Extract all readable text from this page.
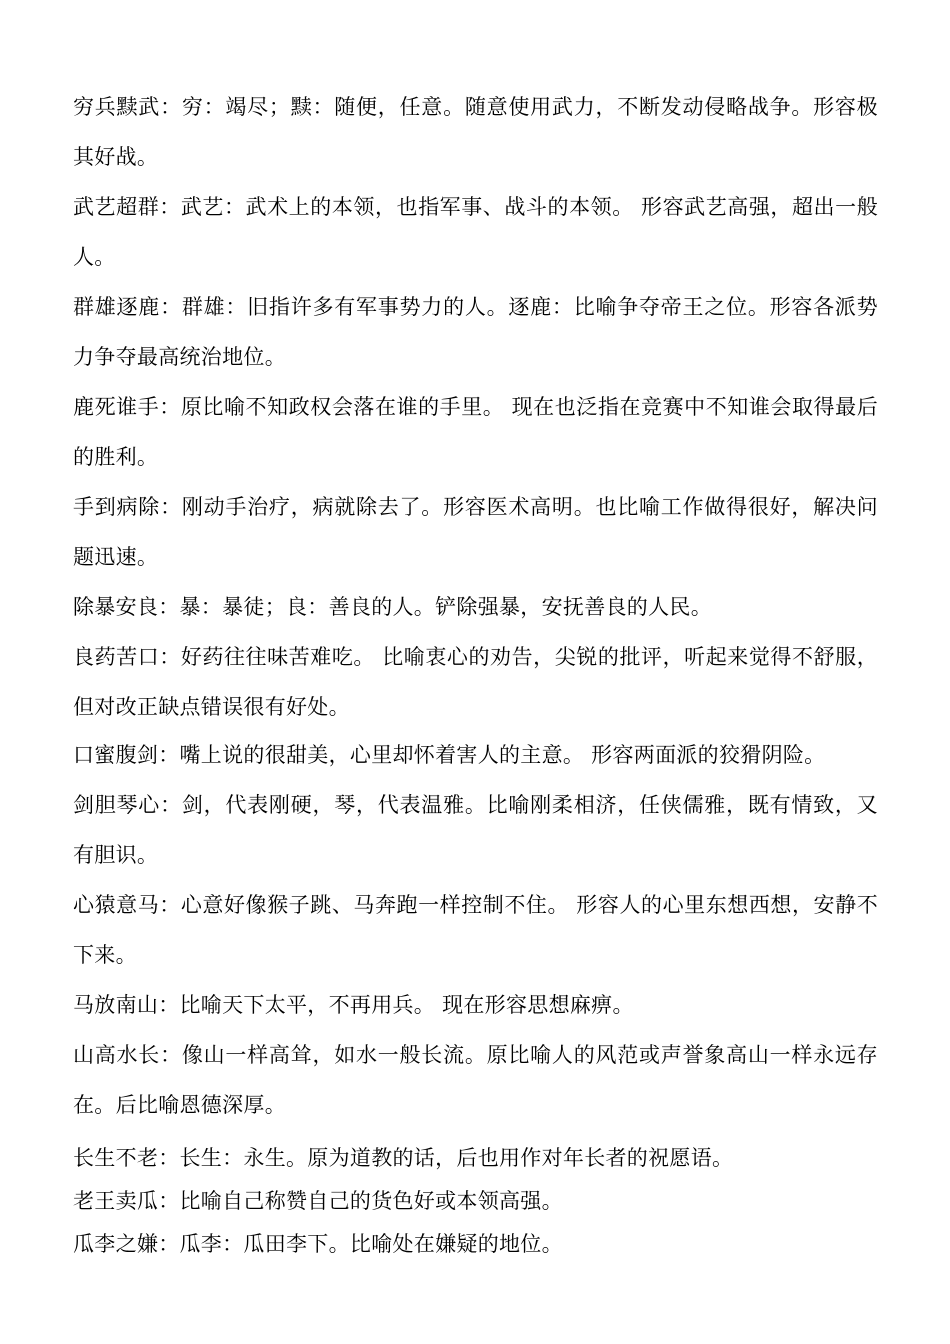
穷兵黩武：穷：竭尽；黩：随便，任意。随意使用武力，不断发动侵略战争。形容极其好战。

武艺超群：武艺：武术上的本领，也指军事、战斗的本领。 形容武艺高强，超出一般人。

群雄逐鹿：群雄：旧指许多有军事势力的人。逐鹿：比喻争夺帝王之位。形容各派势力争夺最高统治地位。

鹿死谁手：原比喻不知政权会落在谁的手里。 现在也泛指在竞赛中不知谁会取得最后的胜利。

手到病除：刚动手治疗，病就除去了。形容医术高明。也比喻工作做得很好，解决问题迅速。

除暴安良：暴：暴徒；良：善良的人。铲除强暴，安抚善良的人民。

良药苦口：好药往往味苦难吃。 比喻衷心的劝告，尖锐的批评，听起来觉得不舒服，但对改正缺点错误很有好处。

口蜜腹剑：嘴上说的很甜美，心里却怀着害人的主意。 形容两面派的狡猾阴险。

剑胆琴心：剑，代表刚硬，琴，代表温雅。比喻刚柔相济，任侠儒雅，既有情致，又有胆识。

心猿意马：心意好像猴子跳、马奔跑一样控制不住。 形容人的心里东想西想，安静不下来。

马放南山：比喻天下太平，不再用兵。 现在形容思想麻痹。

山高水长：像山一样高耸，如水一般长流。原比喻人的风范或声誉象高山一样永远存在。后比喻恩德深厚。

长生不老：长生：永生。原为道教的话，后也用作对年长者的祝愿语。

老王卖瓜：比喻自己称赞自己的货色好或本领高强。

瓜李之嫌：瓜李：瓜田李下。比喻处在嫌疑的地位。
